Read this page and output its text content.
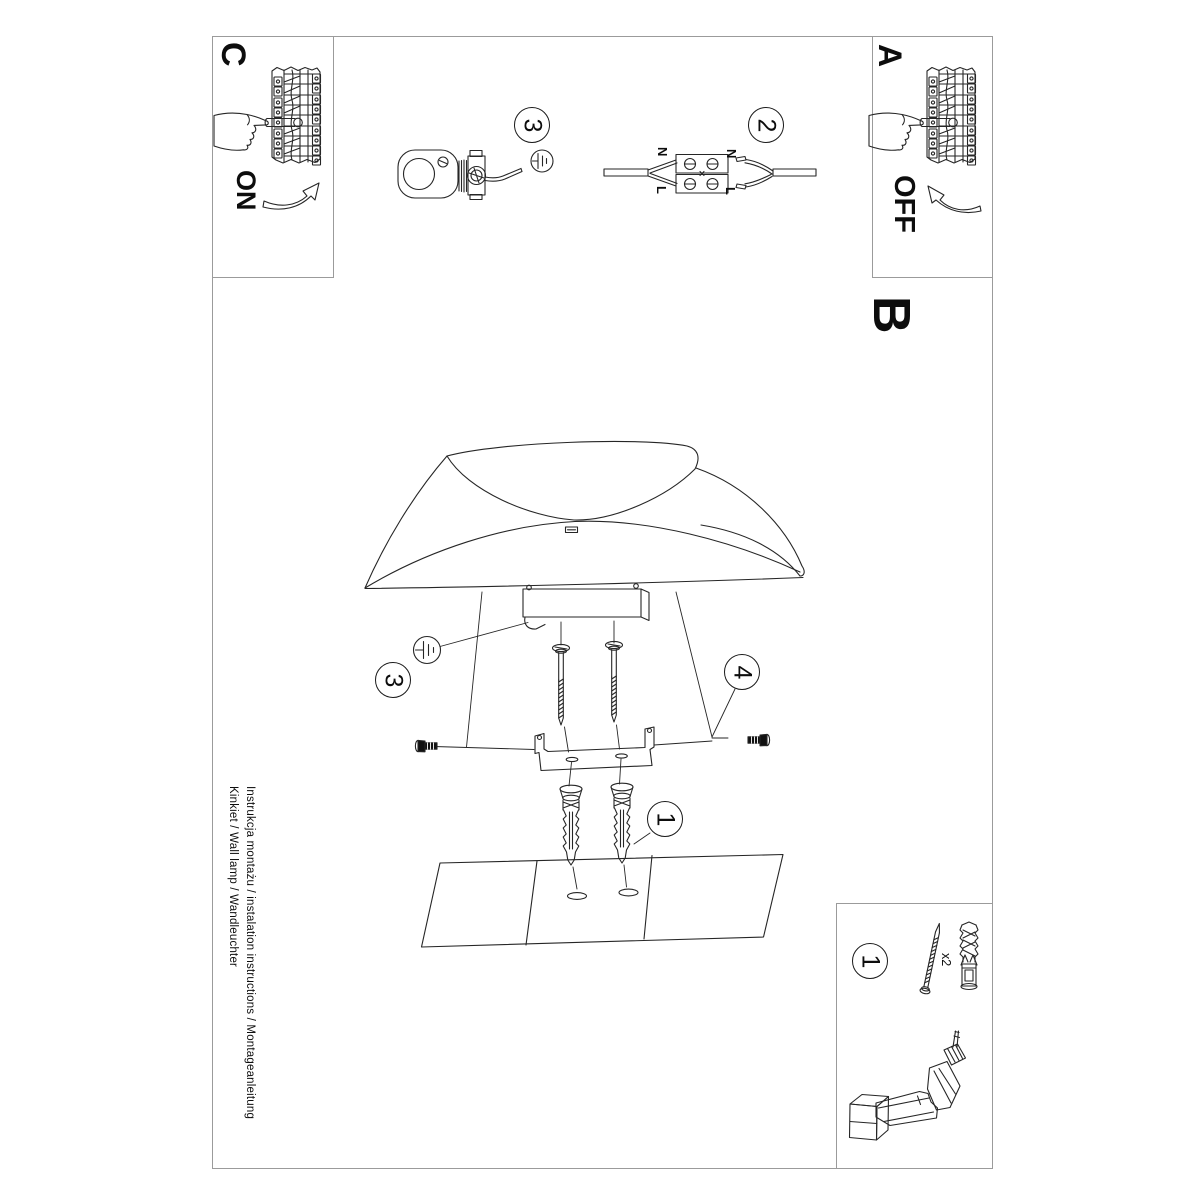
C
ON
A
OFF
B
N
L
N
L
x2
3	2
3
4
1
1
Instrukcja montażu / instalation instructions / Montageanleitung
Kinkiet / Wall lamp / Wandleuchter
